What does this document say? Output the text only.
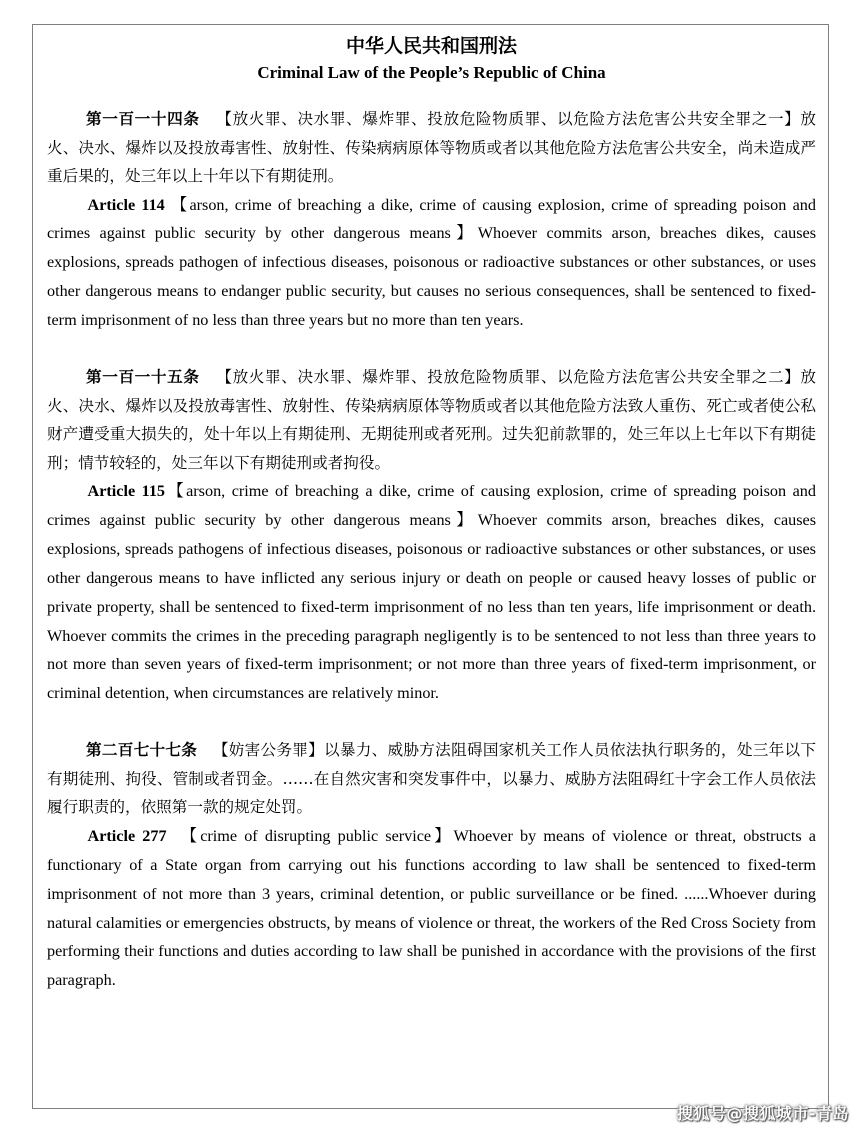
中华人民共和国刑法
Criminal Law of the People’s Republic of China

第一百一十四条 【放火罪、决水罪、爆炸罪、投放危险物质罪、以危险方法危害公共安全罪之一】放火、决水、爆炸以及投放毒害性、放射性、传染病病原体等物质或者以其他危险方法危害公共安全，尚未造成严重后果的，处三年以上十年以下有期徒刑。

Article 114 【arson, crime of breaching a dike, crime of causing explosion, crime of spreading poison and crimes against public security by other dangerous means】Whoever commits arson, breaches dikes, causes explosions, spreads pathogen of infectious diseases, poisonous or radioactive substances or other substances, or uses other dangerous means to endanger public security, but causes no serious consequences, shall be sentenced to fixed-term imprisonment of no less than three years but no more than ten years.

第一百一十五条 【放火罪、决水罪、爆炸罪、投放危险物质罪、以危险方法危害公共安全罪之二】放火、决水、爆炸以及投放毒害性、放射性、传染病病原体等物质或者以其他危险方法致人重伤、死亡或者使公私财产遭受重大损失的，处十年以上有期徒刑、无期徒刑或者死刑。过失犯前款罪的，处三年以上七年以下有期徒刑；情节较轻的，处三年以下有期徒刑或者拘役。

Article 115【arson, crime of breaching a dike, crime of causing explosion, crime of spreading poison and crimes against public security by other dangerous means】Whoever commits arson, breaches dikes, causes explosions, spreads pathogens of infectious diseases, poisonous or radioactive substances or other substances, or uses other dangerous means to have inflicted any serious injury or death on people or caused heavy losses of public or private property, shall be sentenced to fixed-term imprisonment of no less than ten years, life imprisonment or death. Whoever commits the crimes in the preceding paragraph negligently is to be sentenced to not less than three years to not more than seven years of fixed-term imprisonment; or not more than three years of fixed-term imprisonment, or criminal detention, when circumstances are relatively minor.

第二百七十七条 【妨害公务罪】以暴力、威胁方法阻碍国家机关工作人员依法执行职务的，处三年以下有期徒刑、拘役、管制或者罚金。……在自然灾害和突发事件中，以暴力、威胁方法阻碍红十字会工作人员依法履行职责的，依照第一款的规定处罚。

Article 277 【crime of disrupting public service】Whoever by means of violence or threat, obstructs a functionary of a State organ from carrying out his functions according to law shall be sentenced to fixed-term imprisonment of not more than 3 years, criminal detention, or public surveillance or be fined. ......Whoever during natural calamities or emergencies obstructs, by means of violence or threat, the workers of the Red Cross Society from performing their functions and duties according to law shall be punished in accordance with the provisions of the first paragraph.

搜狐号@搜狐城市-青岛
